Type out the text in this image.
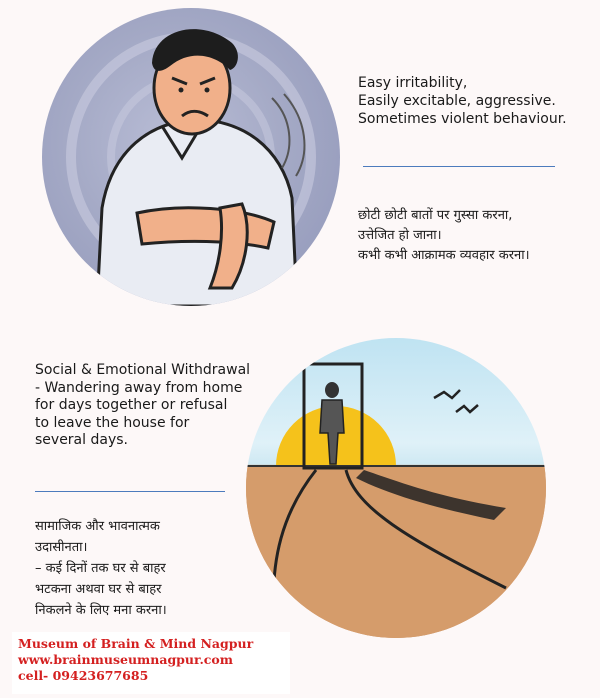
Easy irritability,
Easily excitable, aggressive.
Sometimes violent behaviour.
छोटी छोटी बातों पर गुस्सा करना,
उत्तेजित हो जाना।
कभी कभी आक्रामक व्यवहार करना।
Social & Emotional Withdrawal
- Wandering away from home
for days together or refusal
to leave the house for
several days.
सामाजिक और भावनात्मक
उदासीनता।
– कई दिनों तक घर से बाहर
भटकना अथवा घर से बाहर
निकलने के लिए मना करना।
Museum of Brain & Mind Nagpur
www.brainmuseumnagpur.com
cell- 09423677685
